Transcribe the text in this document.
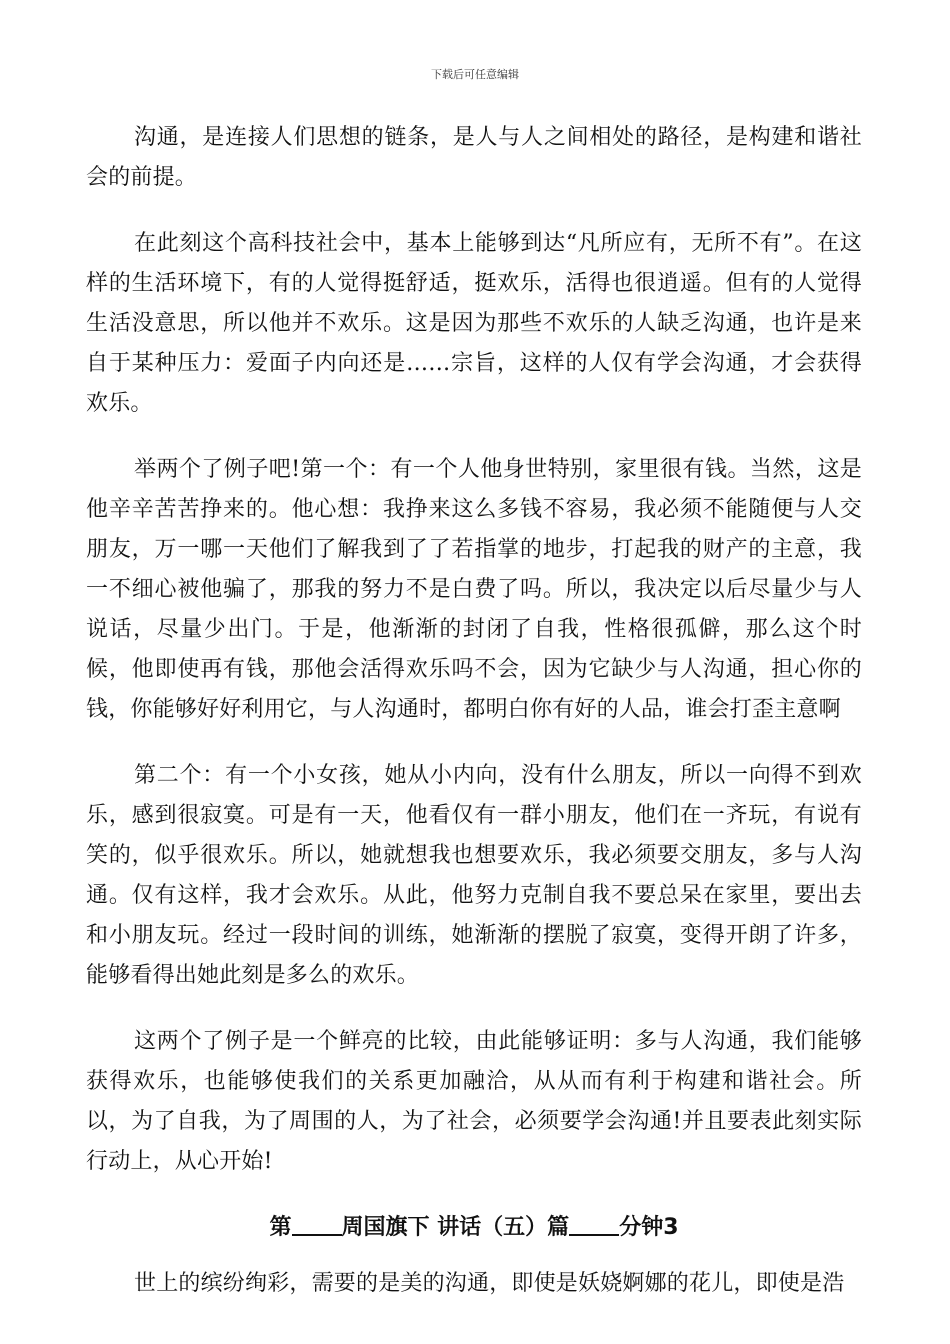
下载后可任意编辑

沟通，是连接人们思想的链条，是人与人之间相处的路径，是构建和谐社会的前提。

在此刻这个高科技社会中，基本上能够到达“凡所应有，无所不有”。在这样的生活环境下，有的人觉得挺舒适，挺欢乐，活得也很逍遥。但有的人觉得生活没意思，所以他并不欢乐。这是因为那些不欢乐的人缺乏沟通，也许是来自于某种压力：爱面子内向还是……宗旨，这样的人仅有学会沟通，才会获得欢乐。

举两个了例子吧!第一个：有一个人他身世特别，家里很有钱。当然，这是他辛辛苦苦挣来的。他心想：我挣来这么多钱不容易，我必须不能随便与人交朋友，万一哪一天他们了解我到了了若指掌的地步，打起我的财产的主意，我一不细心被他骗了，那我的努力不是白费了吗。所以，我决定以后尽量少与人说话，尽量少出门。于是，他渐渐的封闭了自我，性格很孤僻，那么这个时候，他即使再有钱，那他会活得欢乐吗不会，因为它缺少与人沟通，担心你的钱，你能够好好利用它，与人沟通时，都明白你有好的人品，谁会打歪主意啊

第二个：有一个小女孩，她从小内向，没有什么朋友，所以一向得不到欢乐，感到很寂寞。可是有一天，他看仅有一群小朋友，他们在一齐玩，有说有笑的，似乎很欢乐。所以，她就想我也想要欢乐，我必须要交朋友，多与人沟通。仅有这样，我才会欢乐。从此，他努力克制自我不要总呆在家里，要出去和小朋友玩。经过一段时间的训练，她渐渐的摆脱了寂寞，变得开朗了许多，能够看得出她此刻是多么的欢乐。

这两个了例子是一个鲜亮的比较，由此能够证明：多与人沟通，我们能够获得欢乐，也能够使我们的关系更加融洽，从从而有利于构建和谐社会。所以，为了自我，为了周围的人，为了社会，必须要学会沟通!并且要表此刻实际行动上，从心开始!

第 周国旗下 讲话（五）篇 分钟3

世上的缤纷绚彩，需要的是美的沟通，即使是妖娆婀娜的花儿，即使是浩
